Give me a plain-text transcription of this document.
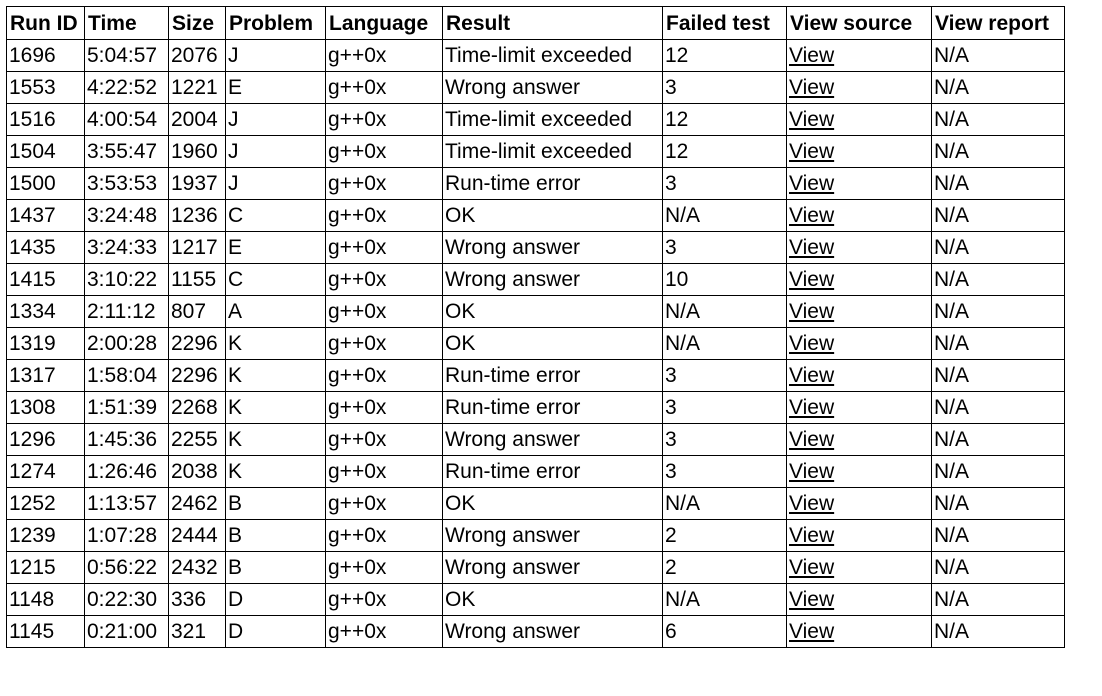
Run ID	Time	Size	Problem	Language	Result	Failed test	View source	View report
1696	5:04:57	2076	J	g++0x	Time-limit exceeded	12	View	N/A
1553	4:22:52	1221	E	g++0x	Wrong answer	3	View	N/A
1516	4:00:54	2004	J	g++0x	Time-limit exceeded	12	View	N/A
1504	3:55:47	1960	J	g++0x	Time-limit exceeded	12	View	N/A
1500	3:53:53	1937	J	g++0x	Run-time error	3	View	N/A
1437	3:24:48	1236	C	g++0x	OK	N/A	View	N/A
1435	3:24:33	1217	E	g++0x	Wrong answer	3	View	N/A
1415	3:10:22	1155	C	g++0x	Wrong answer	10	View	N/A
1334	2:11:12	807	A	g++0x	OK	N/A	View	N/A
1319	2:00:28	2296	K	g++0x	OK	N/A	View	N/A
1317	1:58:04	2296	K	g++0x	Run-time error	3	View	N/A
1308	1:51:39	2268	K	g++0x	Run-time error	3	View	N/A
1296	1:45:36	2255	K	g++0x	Wrong answer	3	View	N/A
1274	1:26:46	2038	K	g++0x	Run-time error	3	View	N/A
1252	1:13:57	2462	B	g++0x	OK	N/A	View	N/A
1239	1:07:28	2444	B	g++0x	Wrong answer	2	View	N/A
1215	0:56:22	2432	B	g++0x	Wrong answer	2	View	N/A
1148	0:22:30	336	D	g++0x	OK	N/A	View	N/A
1145	0:21:00	321	D	g++0x	Wrong answer	6	View	N/A
